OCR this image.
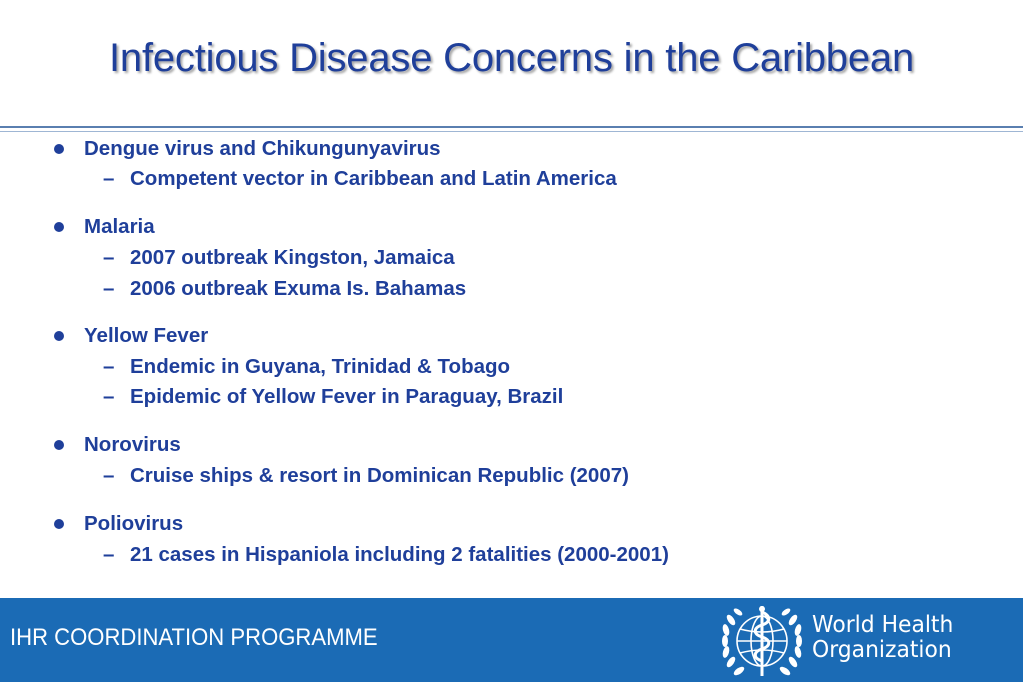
Infectious Disease Concerns in the Caribbean
Dengue virus and Chikungunyavirus
– Competent vector in Caribbean and Latin America
Malaria
– 2007 outbreak Kingston, Jamaica
– 2006 outbreak Exuma Is. Bahamas
Yellow Fever
– Endemic in Guyana, Trinidad & Tobago
– Epidemic of Yellow Fever in Paraguay, Brazil
Norovirus
– Cruise ships & resort in Dominican Republic (2007)
Poliovirus
– 21 cases in Hispaniola including 2 fatalities (2000-2001)
IHR COORDINATION PROGRAMME	World Health
Organization
